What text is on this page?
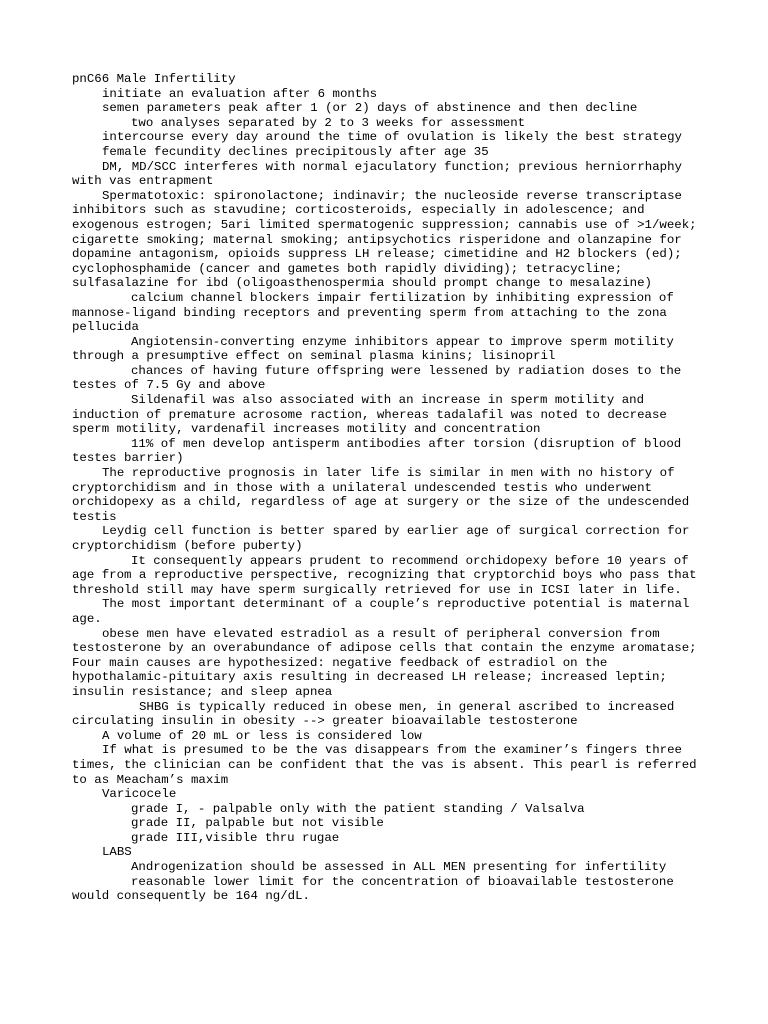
pnC66 Male Infertility

initiate an evaluation after 6 months

semen parameters peak after 1 (or 2) days of abstinence and then decline

two analyses separated by 2 to 3 weeks for assessment

intercourse every day around the time of ovulation is likely the best strategy

female fecundity declines precipitously after age 35

DM, MD/SCC interferes with normal ejaculatory function; previous herniorrhaphy with vas entrapment

Spermatotoxic: spironolactone; indinavir; the nucleoside reverse transcriptase inhibitors such as stavudine; corticosteroids, especially in adolescence; and exogenous estrogen; 5ari limited spermatogenic suppression; cannabis use of >1/week; cigarette smoking; maternal smoking; antipsychotics risperidone and olanzapine for dopamine antagonism, opioids suppress LH release; cimetidine and H2 blockers (ed); cyclophosphamide (cancer and gametes both rapidly dividing); tetracycline; sulfasalazine for ibd (oligoasthenospermia should prompt change to mesalazine)

calcium channel blockers impair fertilization by inhibiting expression of mannose-ligand binding receptors and preventing sperm from attaching to the zona pellucida

Angiotensin-converting enzyme inhibitors appear to improve sperm motility through a presumptive effect on seminal plasma kinins; lisinopril

chances of having future offspring were lessened by radiation doses to the testes of 7.5 Gy and above

Sildenafil was also associated with an increase in sperm motility and induction of premature acrosome raction, whereas tadalafil was noted to decrease sperm motility, vardenafil increases motility and concentration

11% of men develop antisperm antibodies after torsion (disruption of blood testes barrier)

The reproductive prognosis in later life is similar in men with no history of cryptorchidism and in those with a unilateral undescended testis who underwent orchidopexy as a child, regardless of age at surgery or the size of the undescended testis

Leydig cell function is better spared by earlier age of surgical correction for cryptorchidism (before puberty)

It consequently appears prudent to recommend orchidopexy before 10 years of age from a reproductive perspective, recognizing that cryptorchid boys who pass that threshold still may have sperm surgically retrieved for use in ICSI later in life.

The most important determinant of a couple’s reproductive potential is maternal age.

obese men have elevated estradiol as a result of peripheral conversion from testosterone by an overabundance of adipose cells that contain the enzyme aromatase; Four main causes are hypothesized: negative feedback of estradiol on the hypothalamic-pituitary axis resulting in decreased LH release; increased leptin; insulin resistance; and sleep apnea

SHBG is typically reduced in obese men, in general ascribed to increased circulating insulin in obesity --> greater bioavailable testosterone

A volume of 20 mL or less is considered low

If what is presumed to be the vas disappears from the examiner’s fingers three times, the clinician can be confident that the vas is absent. This pearl is referred to as Meacham’s maxim

Varicocele

grade I, - palpable only with the patient standing / Valsalva

grade II, palpable but not visible

grade III,visible thru rugae

LABS

Androgenization should be assessed in ALL MEN presenting for infertility

reasonable lower limit for the concentration of bioavailable testosterone would consequently be 164 ng/dL.
